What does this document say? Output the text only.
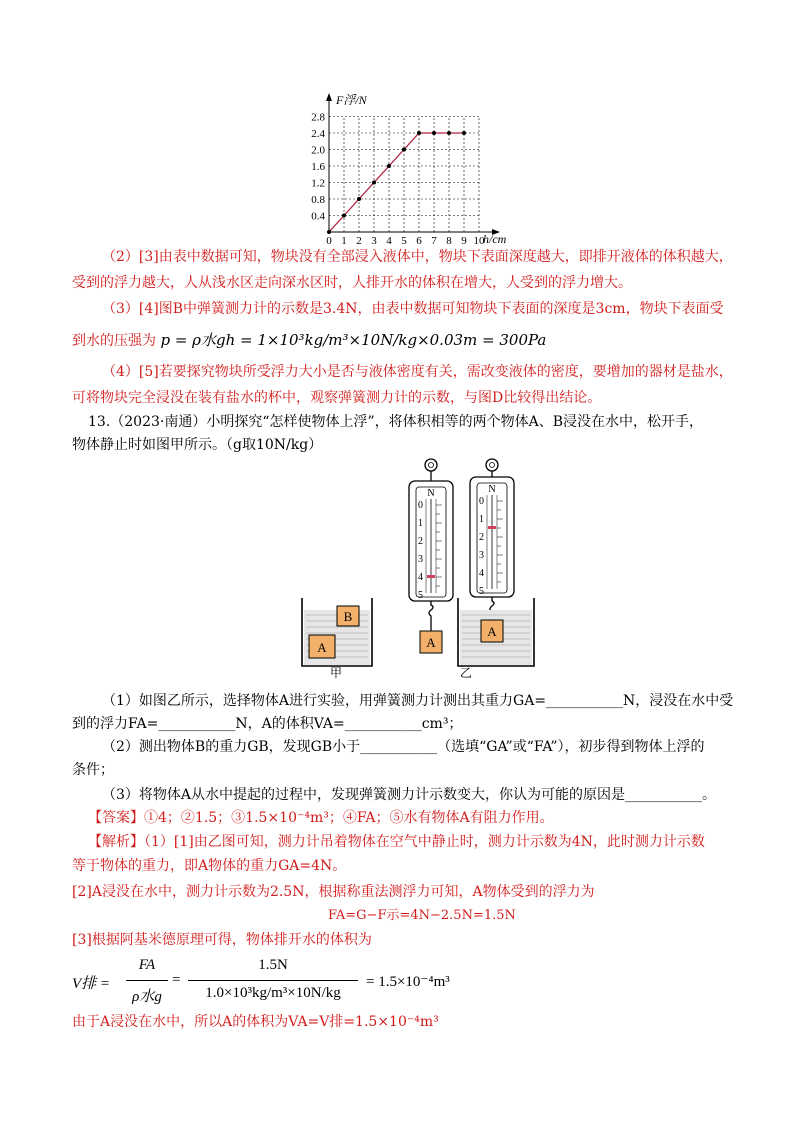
2.8
2.4
2.0
1.6
1.2
0.8
0.4
0 1 2 3 4 5 6 7 8 9 10
F浮/N
h/cm
（2）[3]由表中数据可知，物块没有全部浸入液体中，物块下表面深度越大，即排开液体的体积越大，
受到的浮力越大，人从浅水区走向深水区时，人排开水的体积在增大，人受到的浮力增大。
（3）[4]图B中弹簧测力计的示数是3.4N，由表中数据可知物块下表面的深度是3cm，物块下表面受
到水的压强为 p = ρ水gh = 1×10³kg/m³×10N/kg×0.03m = 300Pa
（4）[5]若要探究物块所受浮力大小是否与液体密度有关，需改变液体的密度，要增加的器材是盐水，
可将物块完全浸没在装有盐水的杯中，观察弹簧测力计的示数，与图D比较得出结论。
13.（2023·南通）小明探究“怎样使物体上浮”，将体积相等的两个物体A、B浸没在水中，松开手，
物体静止时如图甲所示。（g取10N/kg）
B
A
甲
N
0
1
2
3
4
5
A
N
0
1
2
3
4
5
A
乙
（1）如图乙所示，选择物体A进行实验，用弹簧测力计测出其重力GA=___________N，浸没在水中受
到的浮力FA=___________N，A的体积VA=___________cm³；
（2）测出物体B的重力GB，发现GB小于___________（选填“GA”或“FA”），初步得到物体上浮的
条件；
（3）将物体A从水中提起的过程中，发现弹簧测力计示数变大，你认为可能的原因是___________。
【答案】①4；②1.5；③1.5×10⁻⁴m³；④FA；⑤水有物体A有阻力作用。
【解析】（1）[1]由乙图可知，测力计吊着物体在空气中静止时，测力计示数为4N，此时测力计示数
等于物体的重力，即A物体的重力GA=4N。
[2]A浸没在水中，测力计示数为2.5N，根据称重法测浮力可知，A物体受到的浮力为
FA=G−F示=4N−2.5N=1.5N
[3]根据阿基米德原理可得，物体排开水的体积为
V排 =
FA
ρ水g
=
1.5N
1.0×10³kg/m³×10N/kg
= 1.5×10⁻⁴m³
由于A浸没在水中，所以A的体积为VA=V排=1.5×10⁻⁴m³
